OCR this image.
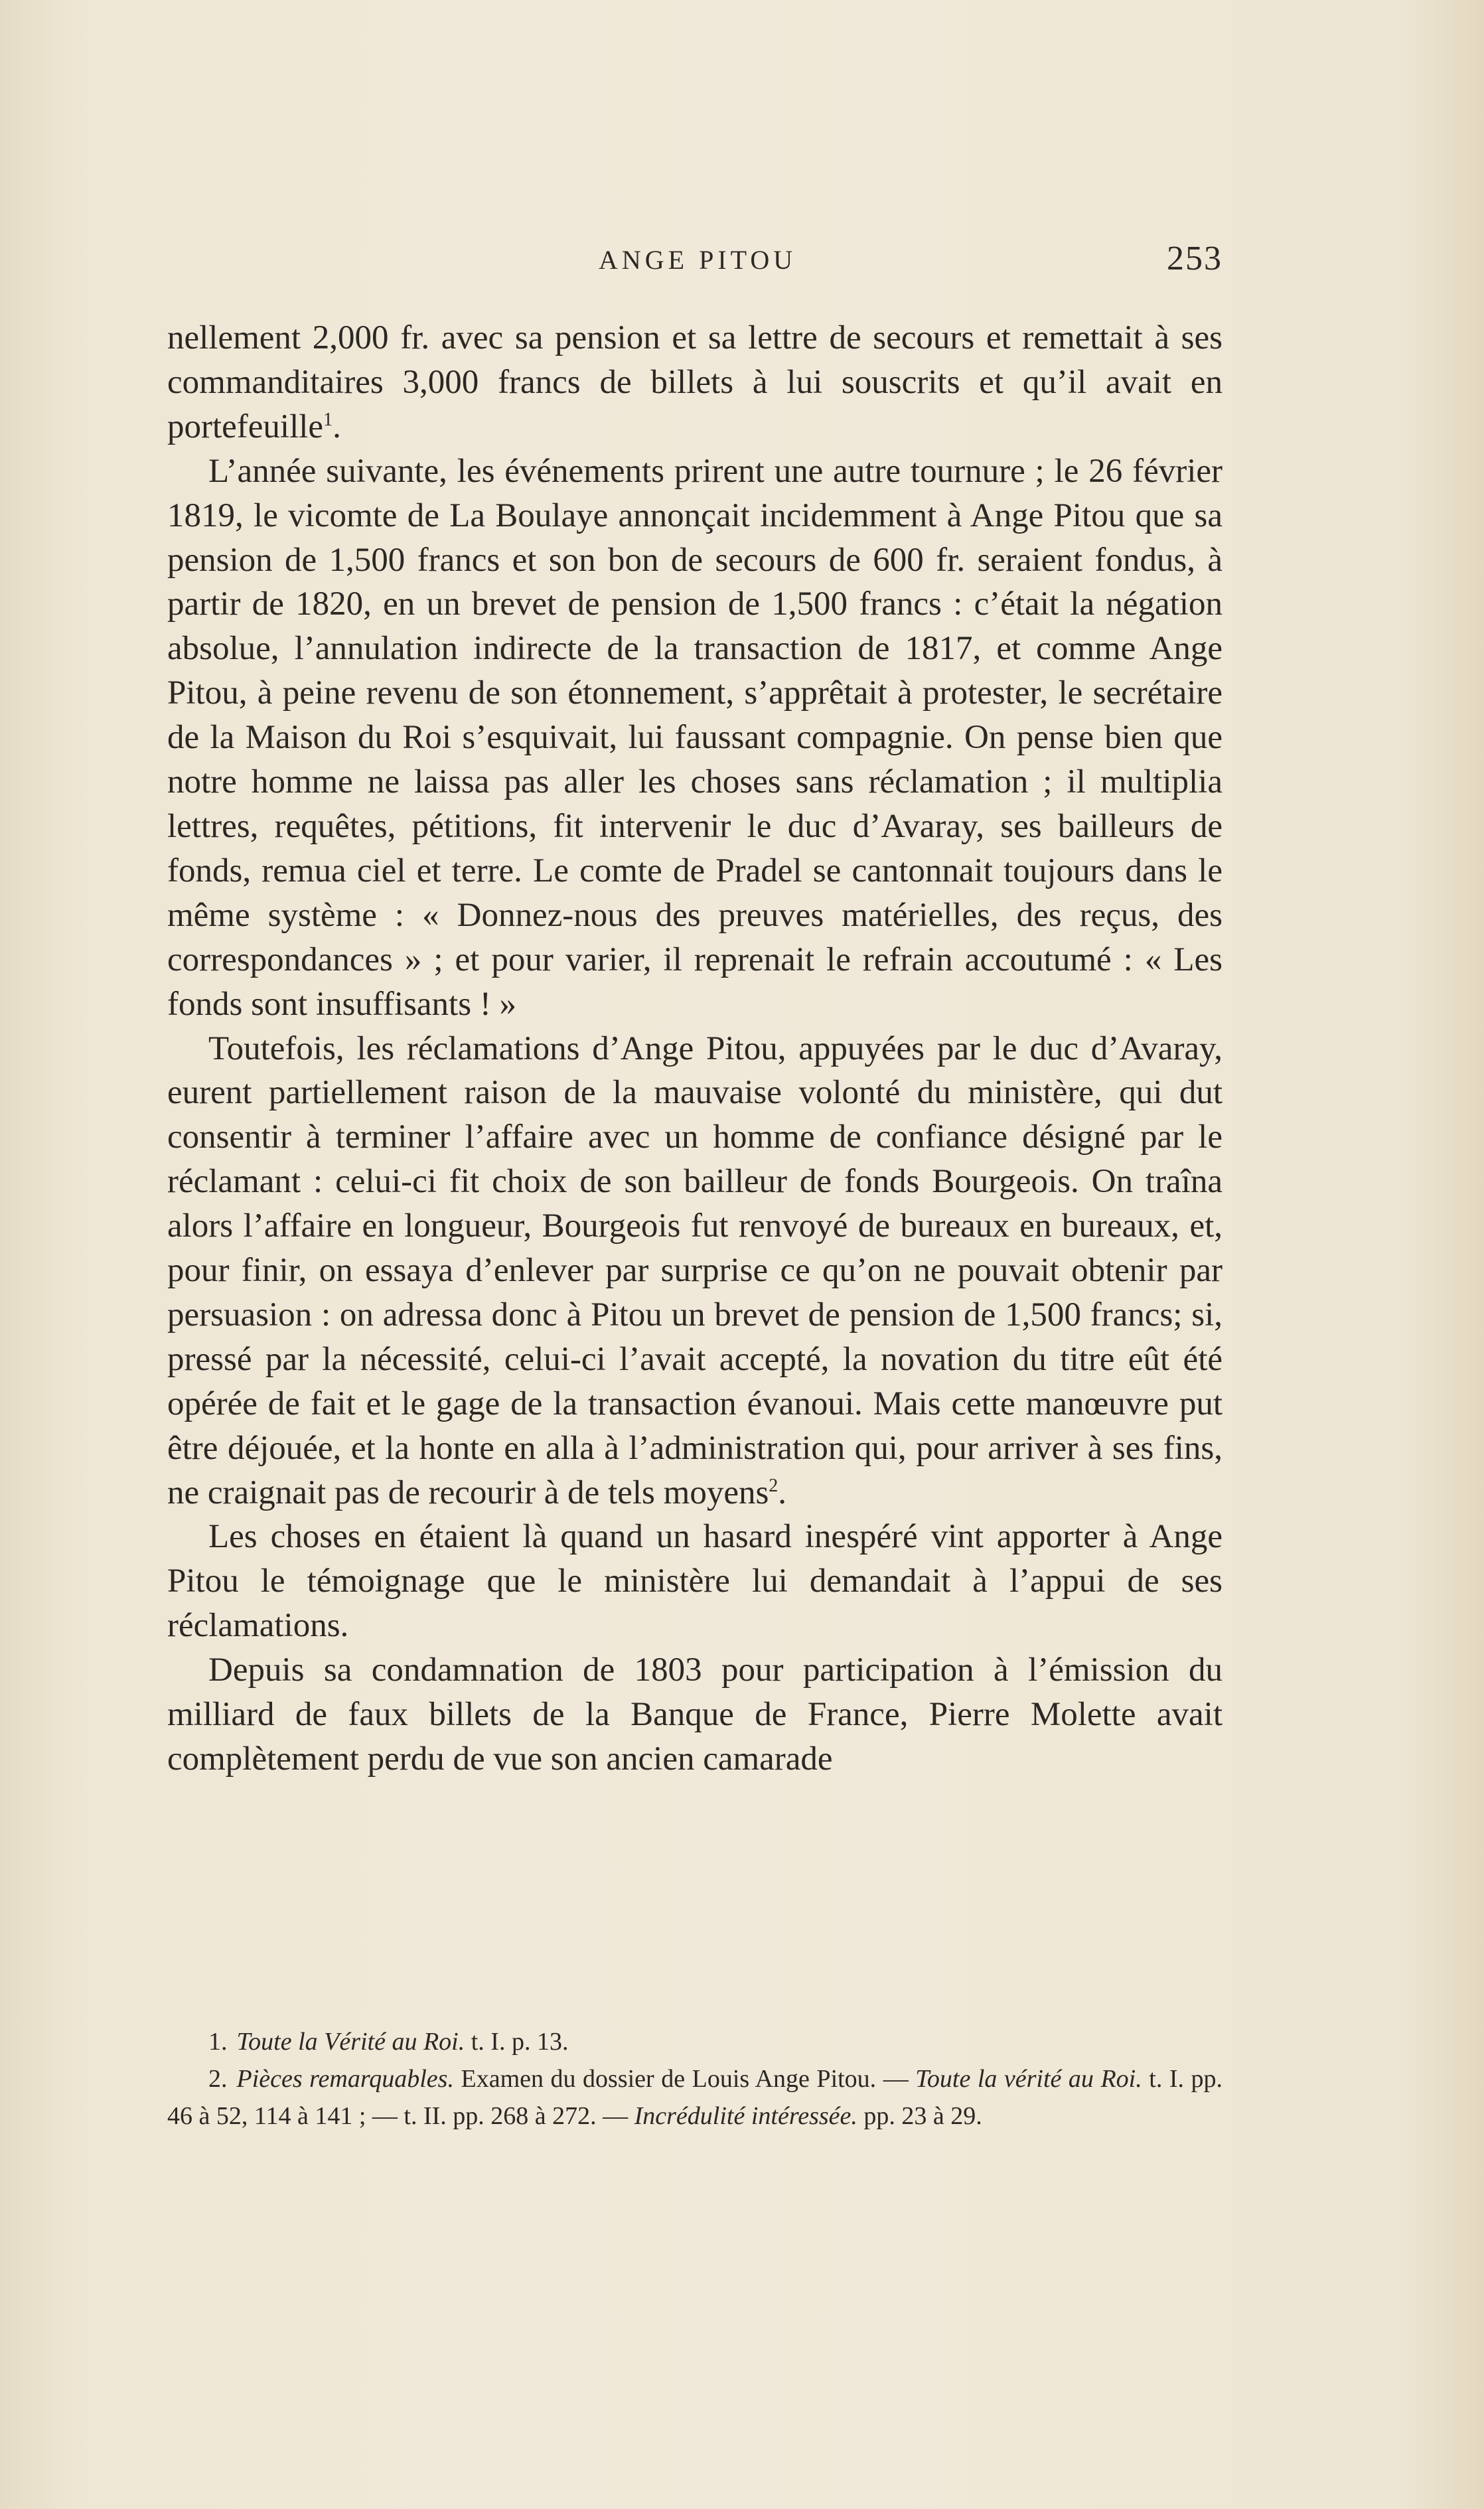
ANGE PITOU	253

nellement 2,000 fr. avec sa pension et sa lettre de secours et remettait à ses commanditaires 3,000 francs de billets à lui souscrits et qu’il avait en portefeuille$^1$.

L’année suivante, les événements prirent une autre tournure ; le 26 février 1819, le vicomte de La Boulaye annonçait incidemment à Ange Pitou que sa pension de 1,500 francs et son bon de secours de 600 fr. seraient fondus, à partir de 1820, en un brevet de pension de 1,500 francs : c’était la négation absolue, l’annulation indirecte de la transaction de 1817, et comme Ange Pitou, à peine revenu de son étonnement, s’apprêtait à protester, le secrétaire de la Maison du Roi s’esquivait, lui faussant compagnie. On pense bien que notre homme ne laissa pas aller les choses sans réclamation ; il multiplia lettres, requêtes, pétitions, fit intervenir le duc d’Avaray, ses bailleurs de fonds, remua ciel et terre. Le comte de Pradel se cantonnait toujours dans le même système : « Donnez-nous des preuves matérielles, des reçus, des correspondances » ; et pour varier, il reprenait le refrain accoutumé : « Les fonds sont insuffisants ! »

Toutefois, les réclamations d’Ange Pitou, appuyées par le duc d’Avaray, eurent partiellement raison de la mauvaise volonté du ministère, qui dut consentir à terminer l’affaire avec un homme de confiance désigné par le réclamant : celui-ci fit choix de son bailleur de fonds Bourgeois. On traîna alors l’affaire en longueur, Bourgeois fut renvoyé de bureaux en bureaux, et, pour finir, on essaya d’enlever par surprise ce qu’on ne pouvait obtenir par persuasion : on adressa donc à Pitou un brevet de pension de 1,500 francs; si, pressé par la nécessité, celui-ci l’avait accepté, la novation du titre eût été opérée de fait et le gage de la transaction évanoui. Mais cette manœuvre put être déjouée, et la honte en alla à l’administration qui, pour arriver à ses fins, ne craignait pas de recourir à de tels moyens$^2$.

Les choses en étaient là quand un hasard inespéré vint apporter à Ange Pitou le témoignage que le ministère lui demandait à l’appui de ses réclamations.

Depuis sa condamnation de 1803 pour participation à l’émission du milliard de faux billets de la Banque de France, Pierre Molette avait complètement perdu de vue son ancien camarade

1. Toute la Vérité au Roi. t. I. p. 13.

2. Pièces remarquables. Examen du dossier de Louis Ange Pitou. — Toute la vérité au Roi. t. I. pp. 46 à 52, 114 à 141 ; — t. II. pp. 268 à 272. — Incrédulité intéressée. pp. 23 à 29.
